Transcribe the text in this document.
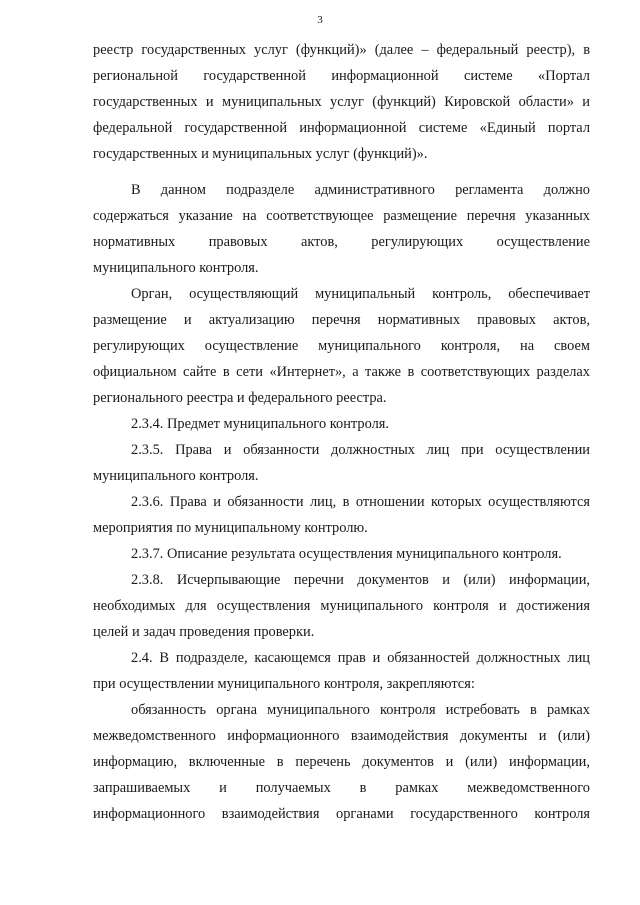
3
реестр государственных услуг (функций)» (далее – федеральный реестр), в
региональной государственной информационной системе «Портал
государственных и муниципальных услуг (функций) Кировской области» и
федеральной государственной информационной системе «Единый портал
государственных и муниципальных услуг (функций)».
В данном подразделе административного регламента должно
содержаться указание на соответствующее размещение перечня указанных
нормативных правовых актов, регулирующих осуществление
муниципального контроля.
Орган, осуществляющий муниципальный контроль, обеспечивает
размещение и актуализацию перечня нормативных правовых актов,
регулирующих осуществление муниципального контроля, на своем
официальном сайте в сети «Интернет», а также в соответствующих разделах
регионального реестра и федерального реестра.
2.3.4. Предмет муниципального контроля.
2.3.5. Права и обязанности должностных лиц при осуществлении
муниципального контроля.
2.3.6. Права и обязанности лиц, в отношении которых осуществляются
мероприятия по муниципальному контролю.
2.3.7. Описание результата осуществления муниципального контроля.
2.3.8. Исчерпывающие перечни документов и (или) информации,
необходимых для осуществления муниципального контроля и достижения
целей и задач проведения проверки.
2.4. В подразделе, касающемся прав и обязанностей должностных лиц
при осуществлении муниципального контроля, закрепляются:
обязанность органа муниципального контроля истребовать в рамках
межведомственного информационного взаимодействия документы и (или)
информацию, включенные в перечень документов и (или) информации,
запрашиваемых и получаемых в рамках межведомственного
информационного взаимодействия органами государственного контроля
